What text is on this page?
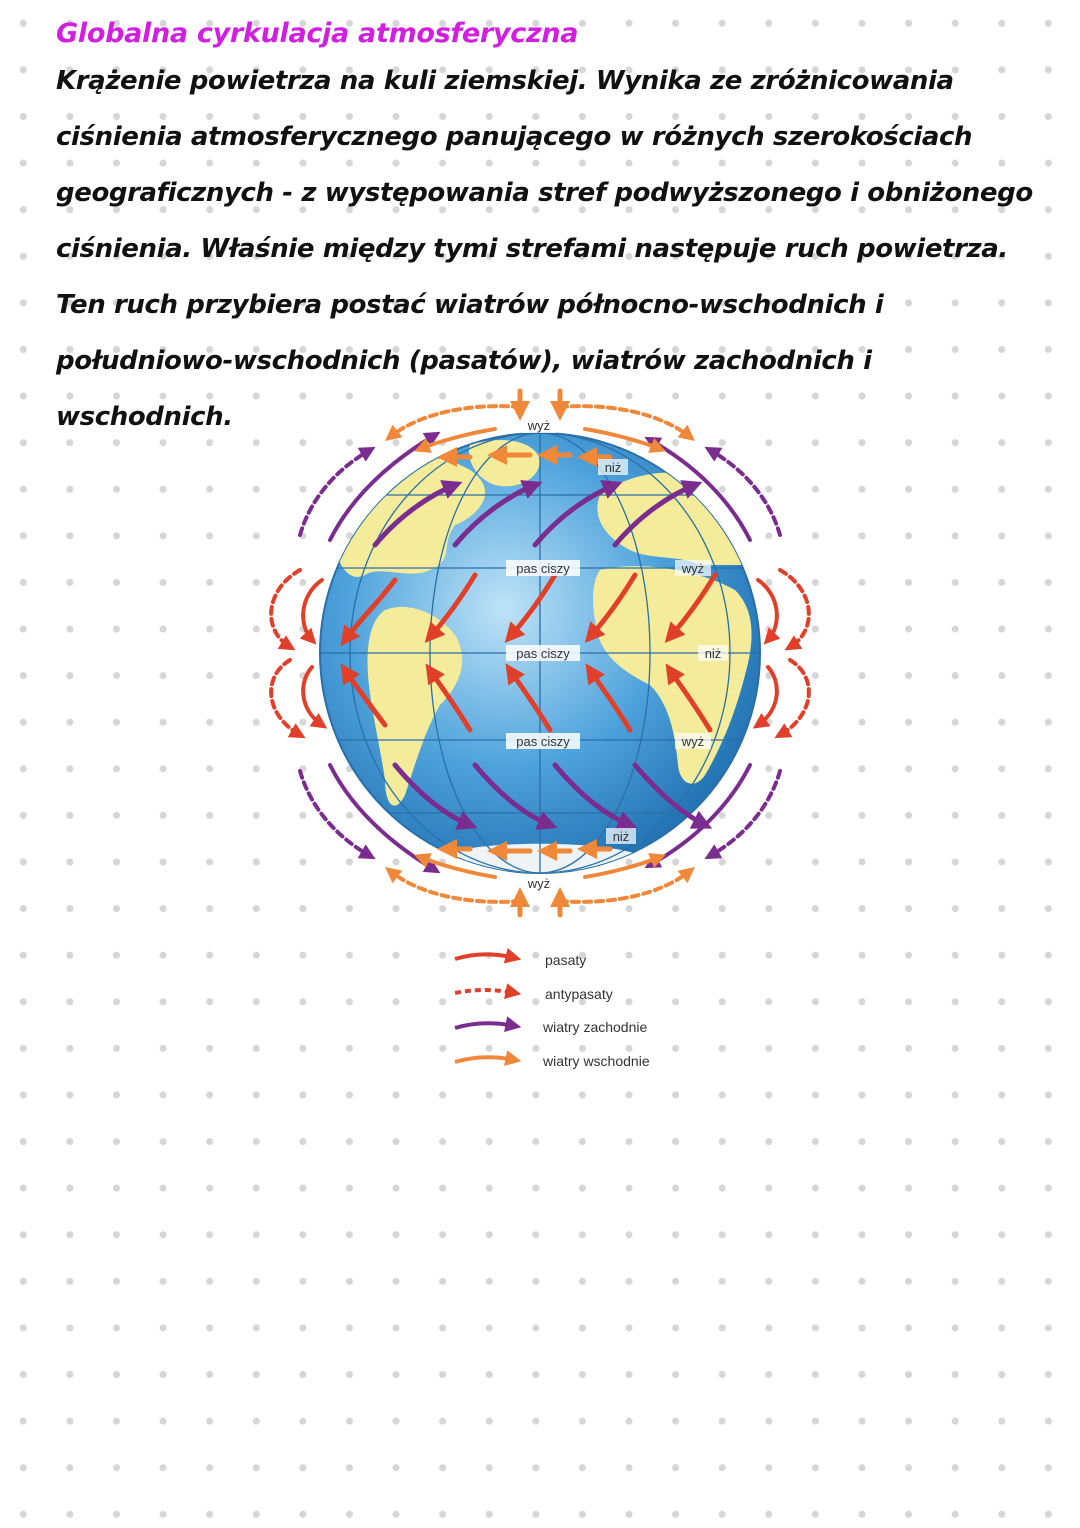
Globalna cyrkulacja atmosferyczna

Krążenie powietrza na kuli ziemskiej. Wynika ze zróżnicowania

ciśnienia atmosferycznego panującego w różnych szerokościach

geograficznych - z występowania stref podwyższonego i obniżonego

ciśnienia. Właśnie między tymi strefami następuje ruch powietrza.

Ten ruch przybiera postać wiatrów północno-wschodnich i

południowo-wschodnich (pasatów), wiatrów zachodnich i wschodnich.	wyż
niż
pas ciszy	wyż
pas ciszy	niż
pas ciszy	wyż
niż
wyż
pasaty
antypasaty
wiatry zachodnie
wiatry wschodnie
